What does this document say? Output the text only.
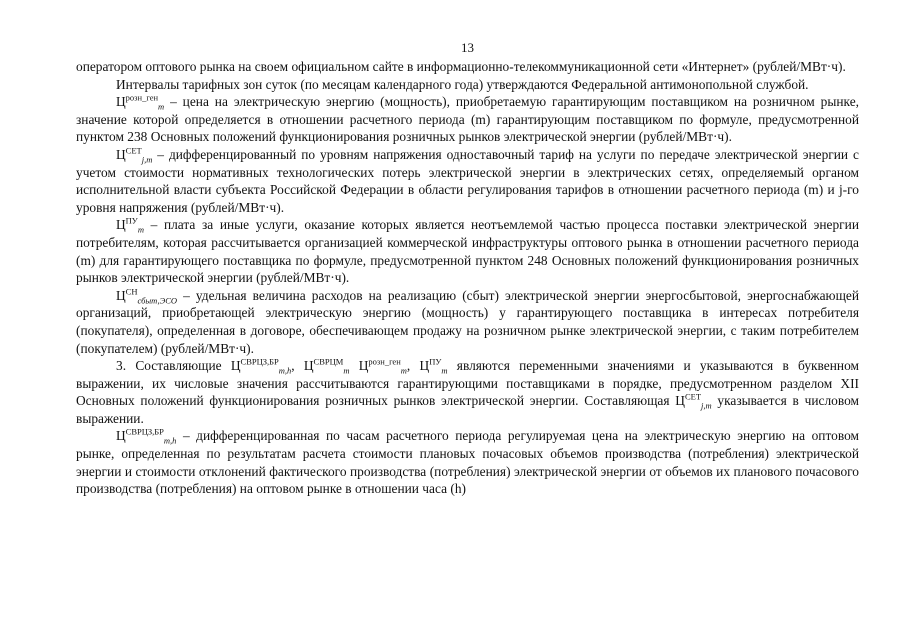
13

оператором оптового рынка на своем официальном сайте в информационно-телекоммуникационной сети «Интернет» (рублей/МВт·ч).

Интервалы тарифных зон суток (по месяцам календарного года) утверждаются Федеральной антимонопольной службой.

$Ц^{розн\_ген}_m$ – цена на электрическую энергию (мощность), приобретаемую гарантирующим поставщиком на розничном рынке, значение которой определяется в отношении расчетного периода (m) гарантирующим поставщиком по формуле, предусмотренной пунктом 238 Основных положений функционирования розничных рынков электрической энергии (рублей/МВт·ч).

$Ц^{СЕТ}_{j,m}$ – дифференцированный по уровням напряжения одноставочный тариф на услуги по передаче электрической энергии с учетом стоимости нормативных технологических потерь электрической энергии в электрических сетях, определяемый органом исполнительной власти субъекта Российской Федерации в области регулирования тарифов в отношении расчетного периода (m) и j-го уровня напряжения (рублей/МВт·ч).

$Ц^{ПУ}_m$ – плата за иные услуги, оказание которых является неотъемлемой частью процесса поставки электрической энергии потребителям, которая рассчитывается организацией коммерческой инфраструктуры оптового рынка в отношении расчетного периода (m) для гарантирующего поставщика по формуле, предусмотренной пунктом 248 Основных положений функционирования розничных рынков электрической энергии (рублей/МВт·ч).

$Ц^{СН}_{сбыт,ЭСО}$ – удельная величина расходов на реализацию (сбыт) электрической энергии энергосбытовой, энергоснабжающей организаций, приобретающей электрическую энергию (мощность) у гарантирующего поставщика в интересах потребителя (покупателя), определенная в договоре, обеспечивающем продажу на розничном рынке электрической энергии, с таким потребителем (покупателем) (рублей/МВт·ч).

3. Составляющие $Ц^{СВРЦЗ,БР}_{m,h}$, $Ц^{СВРЦМ}_m$ $Ц^{розн\_ген}_m$, $Ц^{ПУ}_m$ являются переменными значениями и указываются в буквенном выражении, их числовые значения рассчитываются гарантирующими поставщиками в порядке, предусмотренном разделом XII Основных положений функционирования розничных рынков электрической энергии. Составляющая $Ц^{СЕТ}_{j,m}$ указывается в числовом выражении.

$Ц^{СВРЦЗ,БР}_{m,h}$ – дифференцированная по часам расчетного периода регулируемая цена на электрическую энергию на оптовом рынке, определенная по результатам расчета стоимости плановых почасовых объемов производства (потребления) электрической энергии и стоимости отклонений фактического производства (потребления) электрической энергии от объемов их планового почасового производства (потребления) на оптовом рынке в отношении часа (h)
